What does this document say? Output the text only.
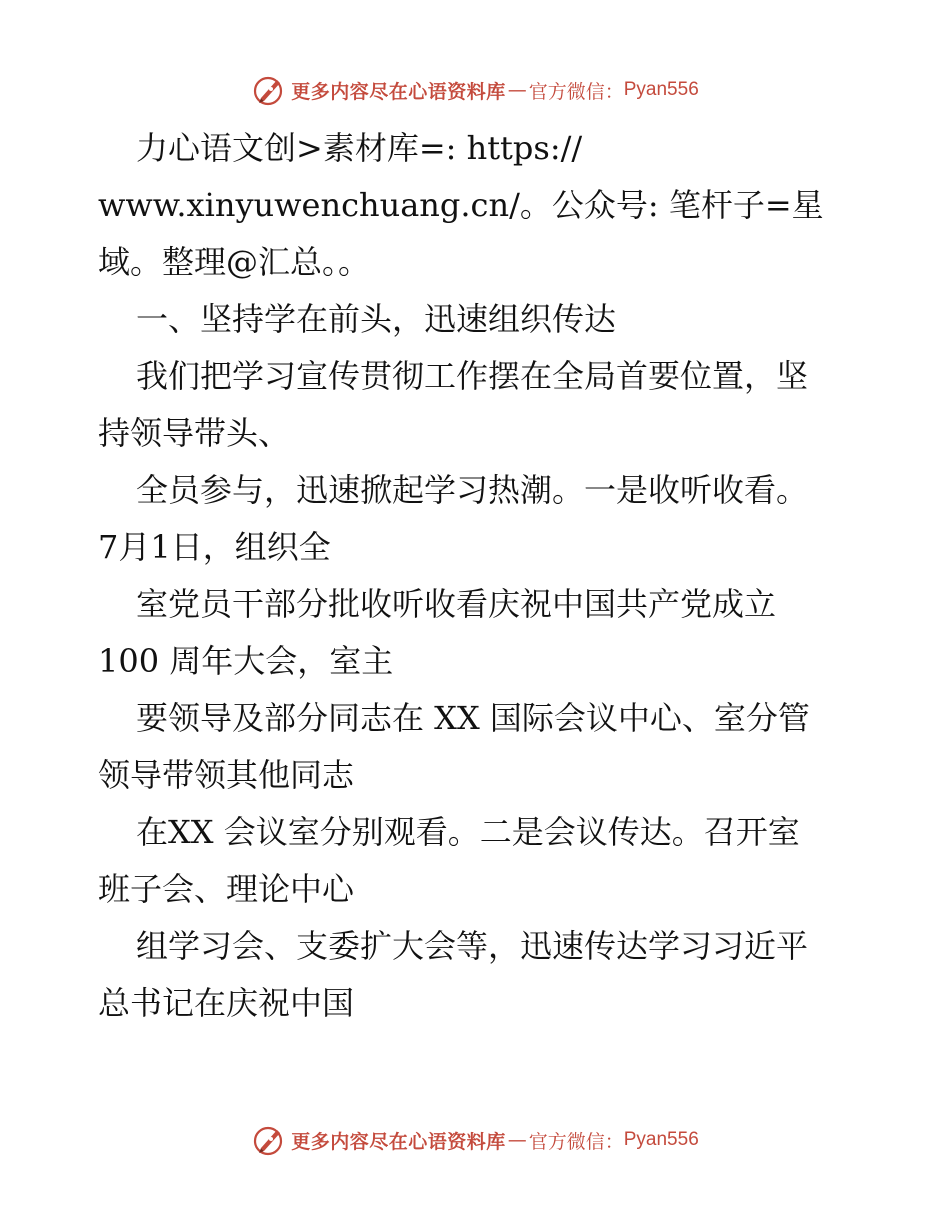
更多内容尽在心语资料库 — 官方微信： Pyan556
力心语文创>素材库=: https://
www.xinyuwenchuang.cn/。公众号: 笔杆子=星
域。整理@汇总。。
一、坚持学在前头，迅速组织传达
我们把学习宣传贯彻工作摆在全局首要位置，坚
持领导带头、
全员参与，迅速掀起学习热潮。一是收听收看。
7月1日，组织全
室党员干部分批收听收看庆祝中国共产党成立
100 周年大会，室主
要领导及部分同志在 XX 国际会议中心、室分管
领导带领其他同志
在XX 会议室分别观看。二是会议传达。召开室
班子会、理论中心
组学习会、支委扩大会等，迅速传达学习习近平
总书记在庆祝中国
更多内容尽在心语资料库 — 官方微信： Pyan556
